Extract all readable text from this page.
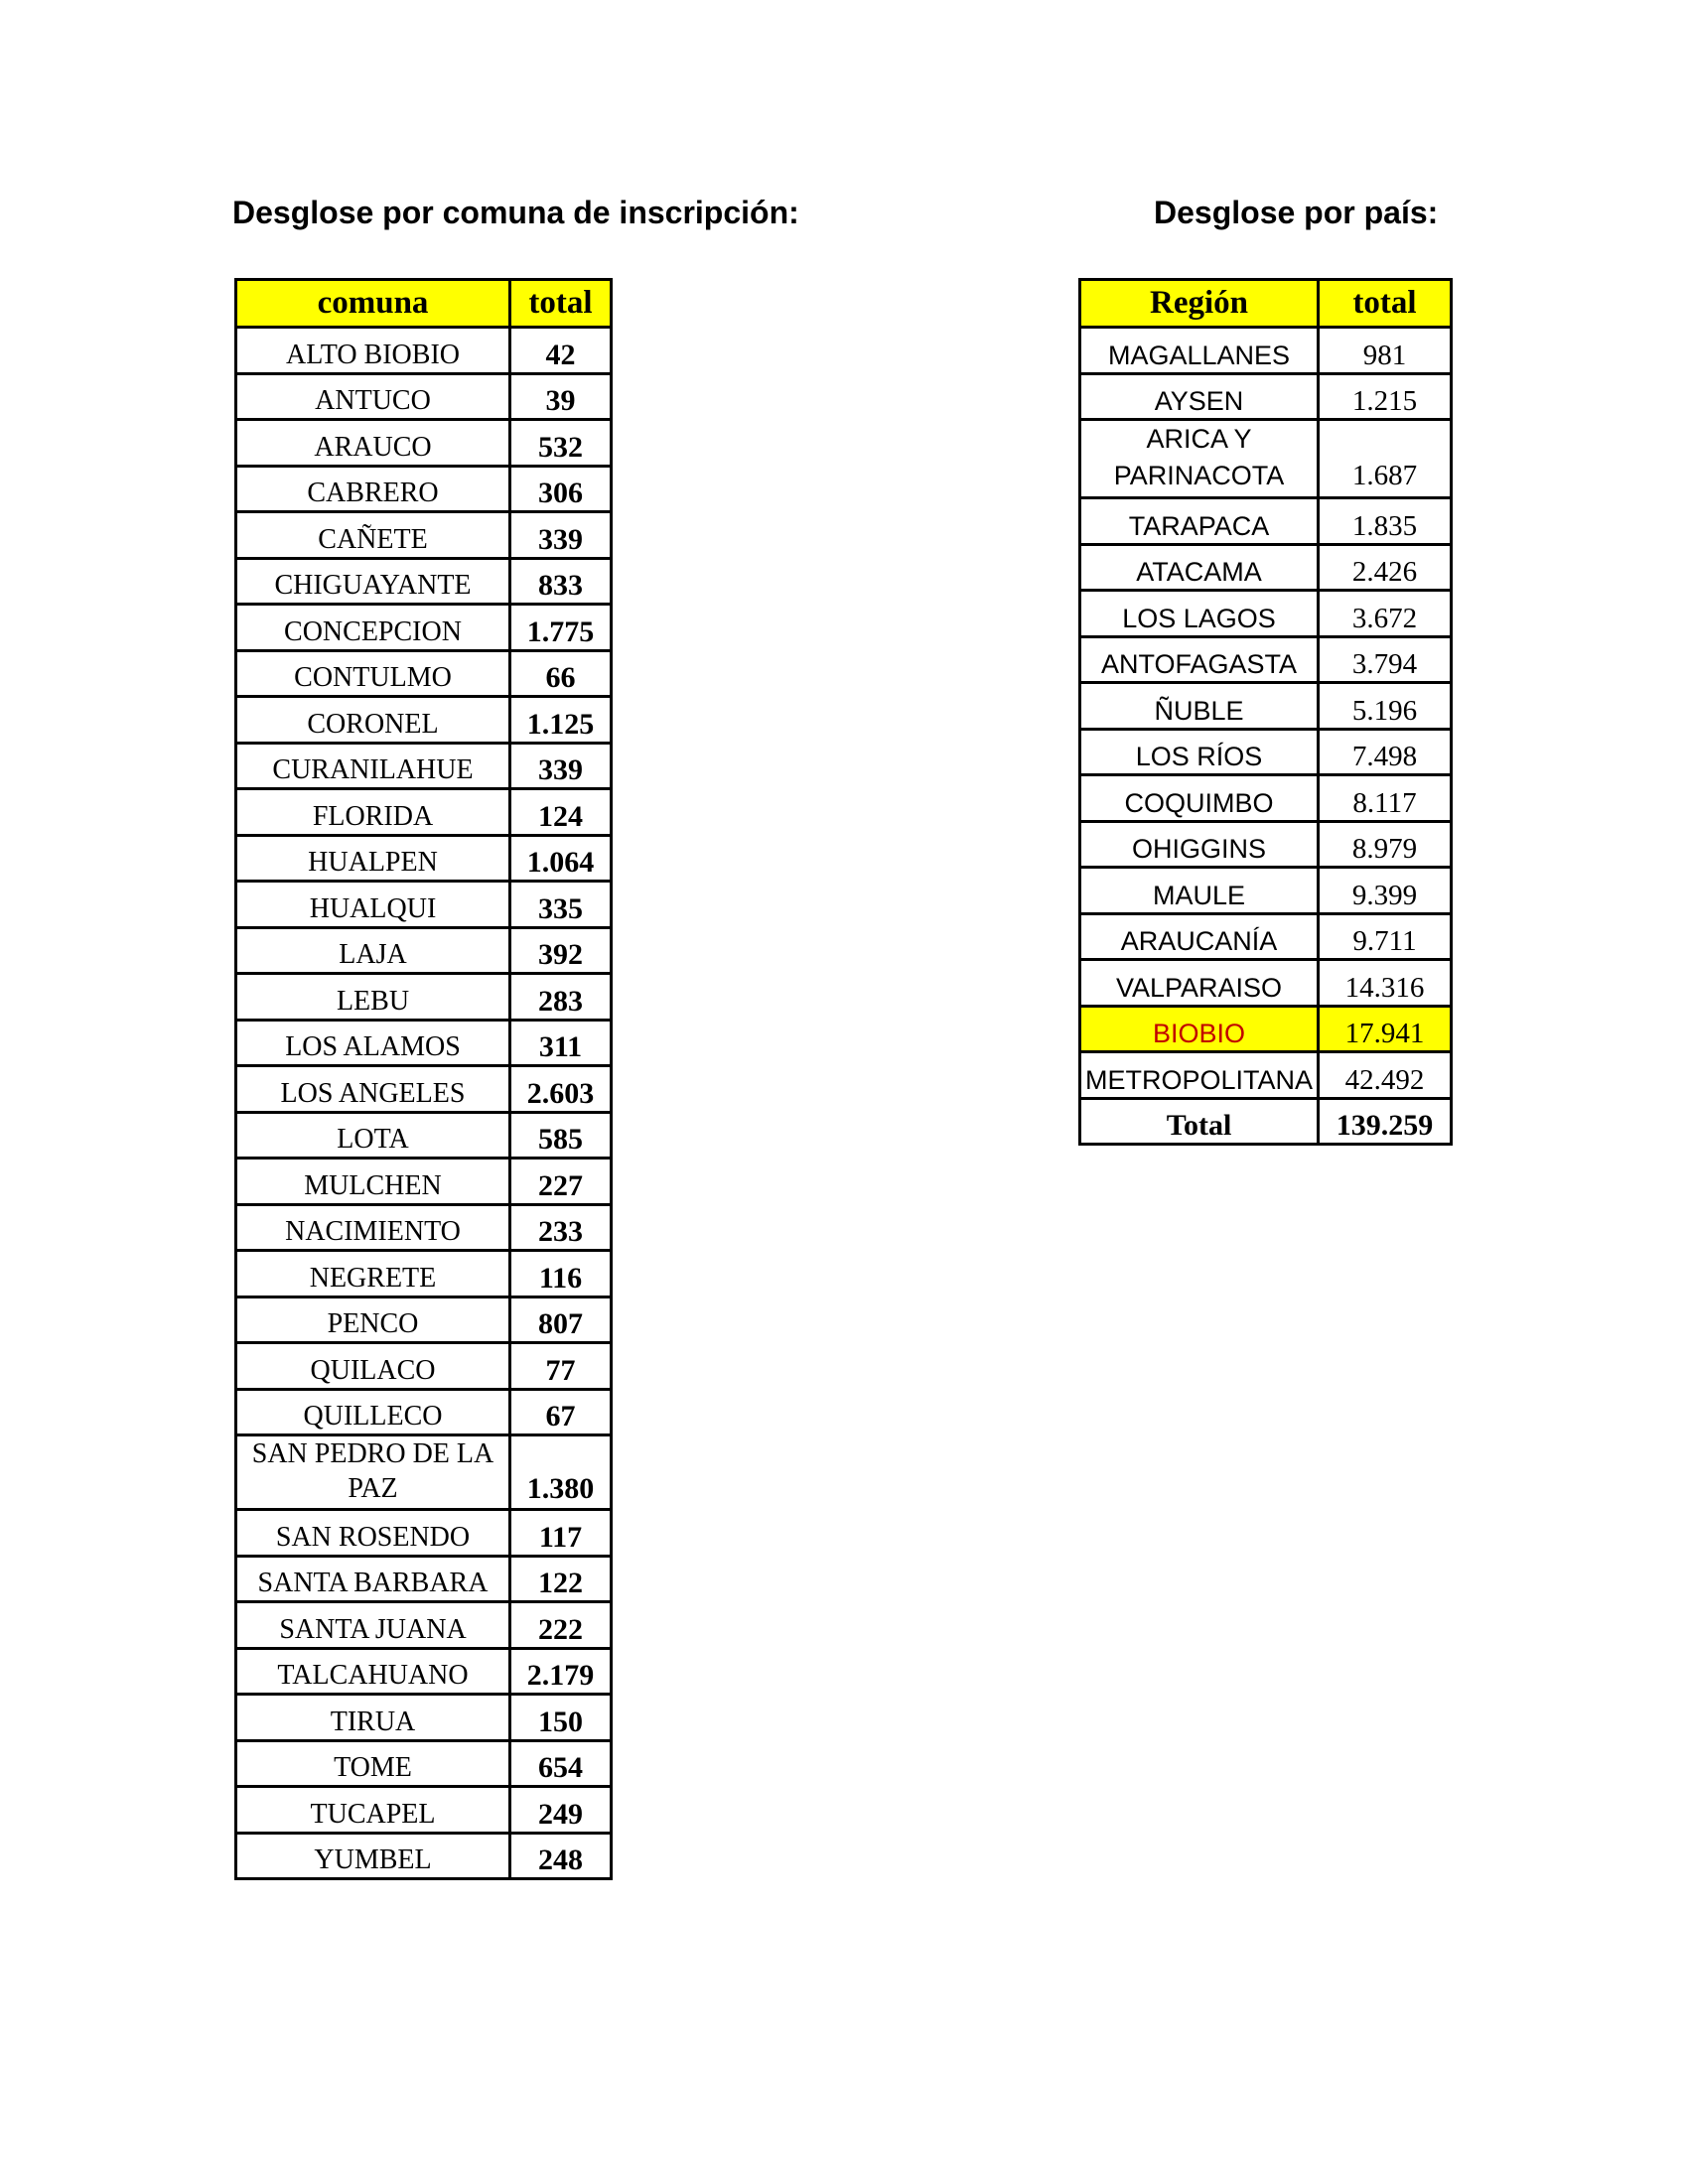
Desglose por comuna de inscripción:	Desglose por país:
comuna	total
ALTO BIOBIO	42
ANTUCO	39
ARAUCO	532
CABRERO	306
CAÑETE	339
CHIGUAYANTE	833
CONCEPCION	1.775
CONTULMO	66
CORONEL	1.125
CURANILAHUE	339
FLORIDA	124
HUALPEN	1.064
HUALQUI	335
LAJA	392
LEBU	283
LOS ALAMOS	311
LOS ANGELES	2.603
LOTA	585
MULCHEN	227
NACIMIENTO	233
NEGRETE	116
PENCO	807
QUILACO	77
QUILLECO	67
SAN PEDRO DE LA PAZ	1.380
SAN ROSENDO	117
SANTA BARBARA	122
SANTA JUANA	222
TALCAHUANO	2.179
TIRUA	150
TOME	654
TUCAPEL	249
YUMBEL	248
Región	total
MAGALLANES	981
AYSEN	1.215
ARICA Y PARINACOTA	1.687
TARAPACA	1.835
ATACAMA	2.426
LOS LAGOS	3.672
ANTOFAGASTA	3.794
ÑUBLE	5.196
LOS RÍOS	7.498
COQUIMBO	8.117
OHIGGINS	8.979
MAULE	9.399
ARAUCANÍA	9.711
VALPARAISO	14.316
BIOBIO	17.941
METROPOLITANA	42.492
Total	139.259
